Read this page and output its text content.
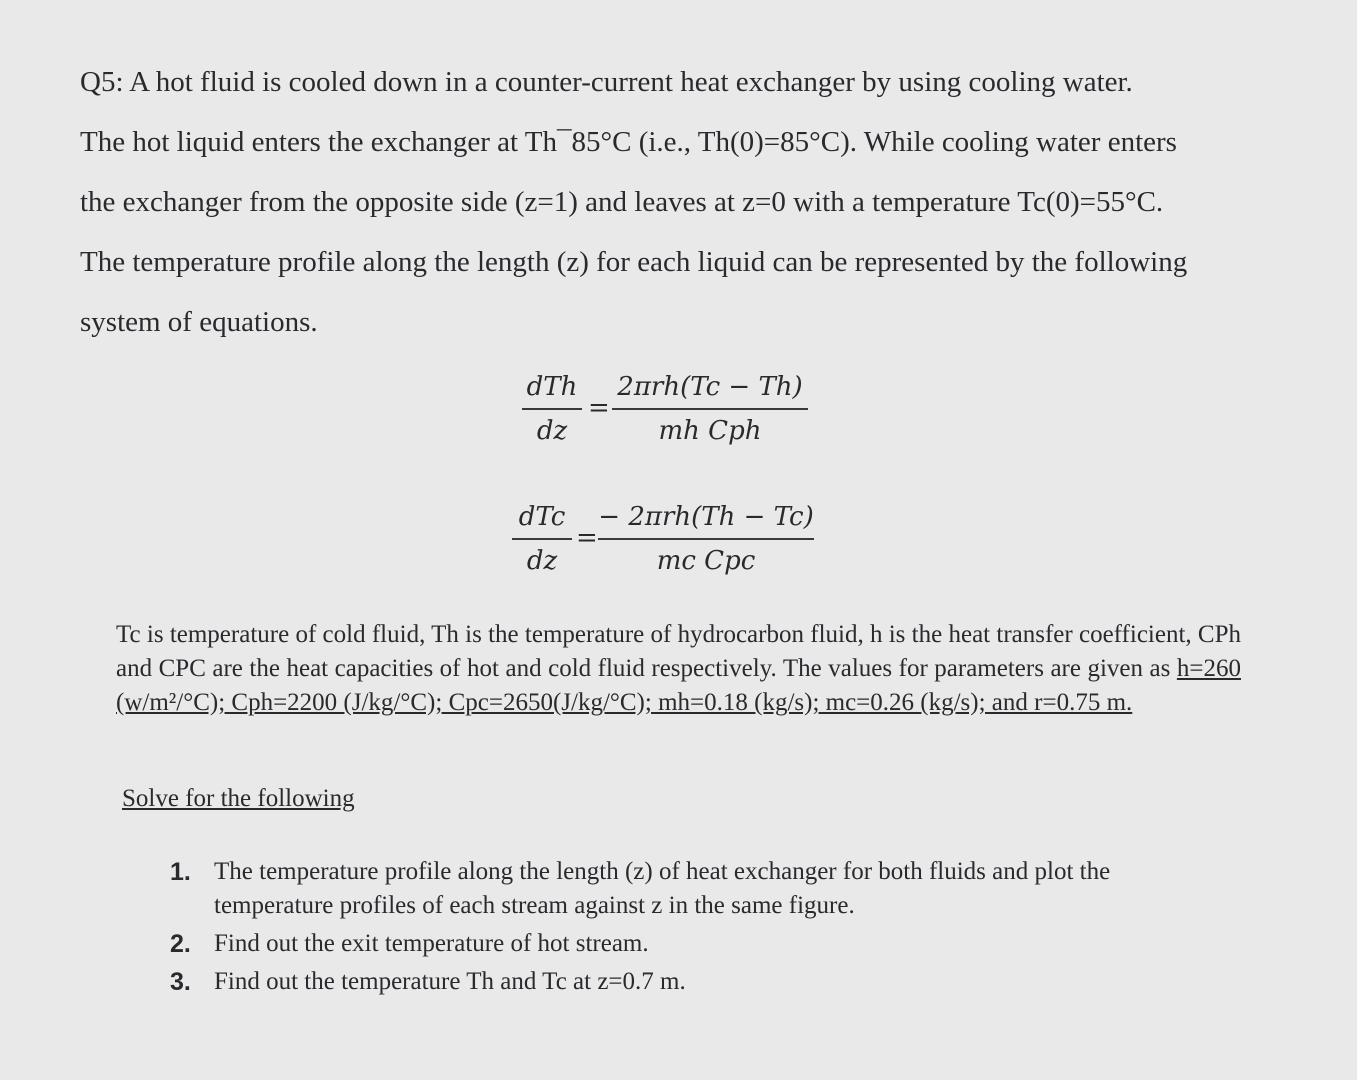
Q5: A hot fluid is cooled down in a counter-current heat exchanger by using cooling water.
The hot liquid enters the exchanger at Th¯85°C (i.e., Th(0)=85°C). While cooling water enters
the exchanger from the opposite side (z=1) and leaves at z=0 with a temperature Tc(0)=55°C.
The temperature profile along the length (z) for each liquid can be represented by the following
system of equations.
dTh
dz
=
2πrh(Tc − Th)
mh Cph
dTc
dz
=
− 2πrh(Th − Tc)
mc Cpc
Tc is temperature of cold fluid, Th is the temperature of hydrocarbon fluid, h is the heat transfer coefficient, CPh and CPC are the heat capacities of hot and cold fluid respectively. The values for parameters are given as h=260 (w/m²/°C); Cph=2200 (J/kg/°C); Cpc=2650(J/kg/°C); mh=0.18 (kg/s); mc=0.26 (kg/s); and r=0.75 m.
Solve for the following
1. The temperature profile along the length (z) of heat exchanger for both fluids and plot the temperature profiles of each stream against z in the same figure.
2. Find out the exit temperature of hot stream.
3. Find out the temperature Th and Tc at z=0.7 m.
